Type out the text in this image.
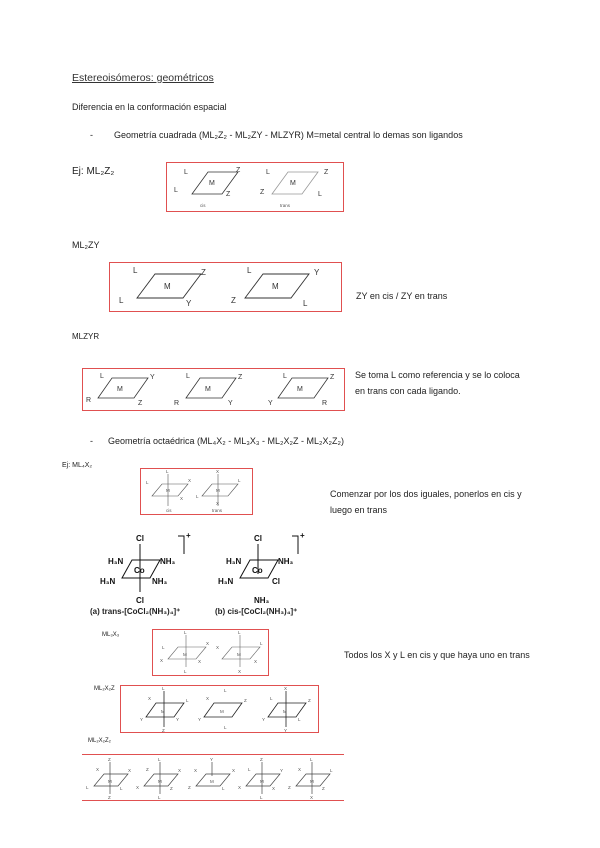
Estereoisómeros: geométricos
Diferencia en la conformación espacial
- Geometría cuadrada (ML₂Z₂ - ML₂ZY - MLZYR) M=metal central lo demas son ligandos
Ej: ML₂Z₂
M
L
L
Z
Z
cis
M
L
L
Z
Z
trans
ML₂ZY
M
L
L
Z
Y
M
L
L
Z
Y
ZY en cis / ZY en trans
MLZYR
M
L	Y
R	Z
M
L	Z
R	Y
M
L	Z
Y	R
Se toma L como referencia y se lo coloca en trans con cada ligando.
- Geometría octaédrica (ML₄X₂ - ML₃X₃ - ML₂X₂Z - ML₂X₂Z₂)
Ej: ML₄X₂
M
L
L	X
X
cis
M
X
X
L
L
trans
Comenzar por los dos iguales, ponerlos en cis y luego en trans
Cl
Cl
Co
H₃N	NH₃
H₃N	NH₃
+	Cl
NH₃
Co
H₃N	NH₃
H₃N	Cl
+
(a) trans-[CoCl₂(NH₃)₄]⁺	(b) cis-[CoCl₂(NH₃)₄]⁺
ML₃X₃
M
L
L
X
X	X
L
M
L
X
L
X
X
Todos los X y L en cis y que haya uno en trans
ML₂X₂Z
M
L
X	L
Y	Y
Z
M
L
X	Z
Y
L
M
X
L	Z
Y	L
Y
ML₂X₂Z₂
M
Z
X	X
L	L
Z
M
L
Z	X
X	Z
L
M
Y
X	X
Z	L
M
Z
L	Y
X	X
L
M
L
X	L
Z	Z
X
